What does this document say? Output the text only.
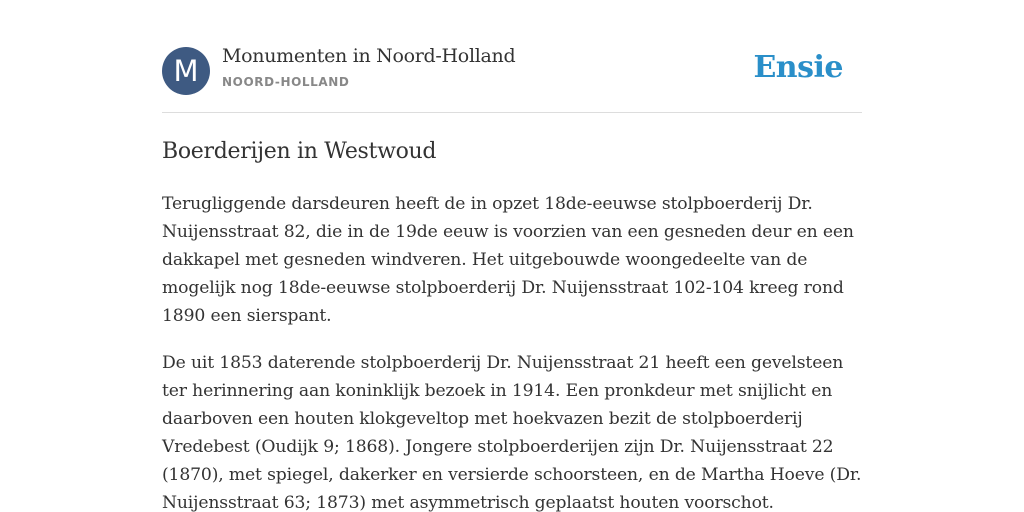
M	Monumenten in Noord-Holland
NOORD-HOLLAND	Ensie
Boerderijen in Westwoud

Terugliggende darsdeuren heeft de in opzet 18de-eeuwse stolpboerderij Dr. Nuijensstraat 82, die in de 19de eeuw is voorzien van een gesneden deur en een dakkapel met gesneden windveren. Het uitgebouwde woongedeelte van de mogelijk nog 18de-eeuwse stolpboerderij Dr. Nuijensstraat 102-104 kreeg rond 1890 een sierspant.

De uit 1853 daterende stolpboerderij Dr. Nuijensstraat 21 heeft een gevelsteen ter herinnering aan koninklijk bezoek in 1914. Een pronkdeur met snijlicht en daarboven een houten klokgeveltop met hoekvazen bezit de stolpboerderij Vredebest (Oudijk 9; 1868). Jongere stolpboerderijen zijn Dr. Nuijensstraat 22 (1870), met spiegel, dakerker en versierde schoorsteen, en de Martha Hoeve (Dr. Nuijensstraat 63; 1873) met asymmetrisch geplaatst houten voorschot.
